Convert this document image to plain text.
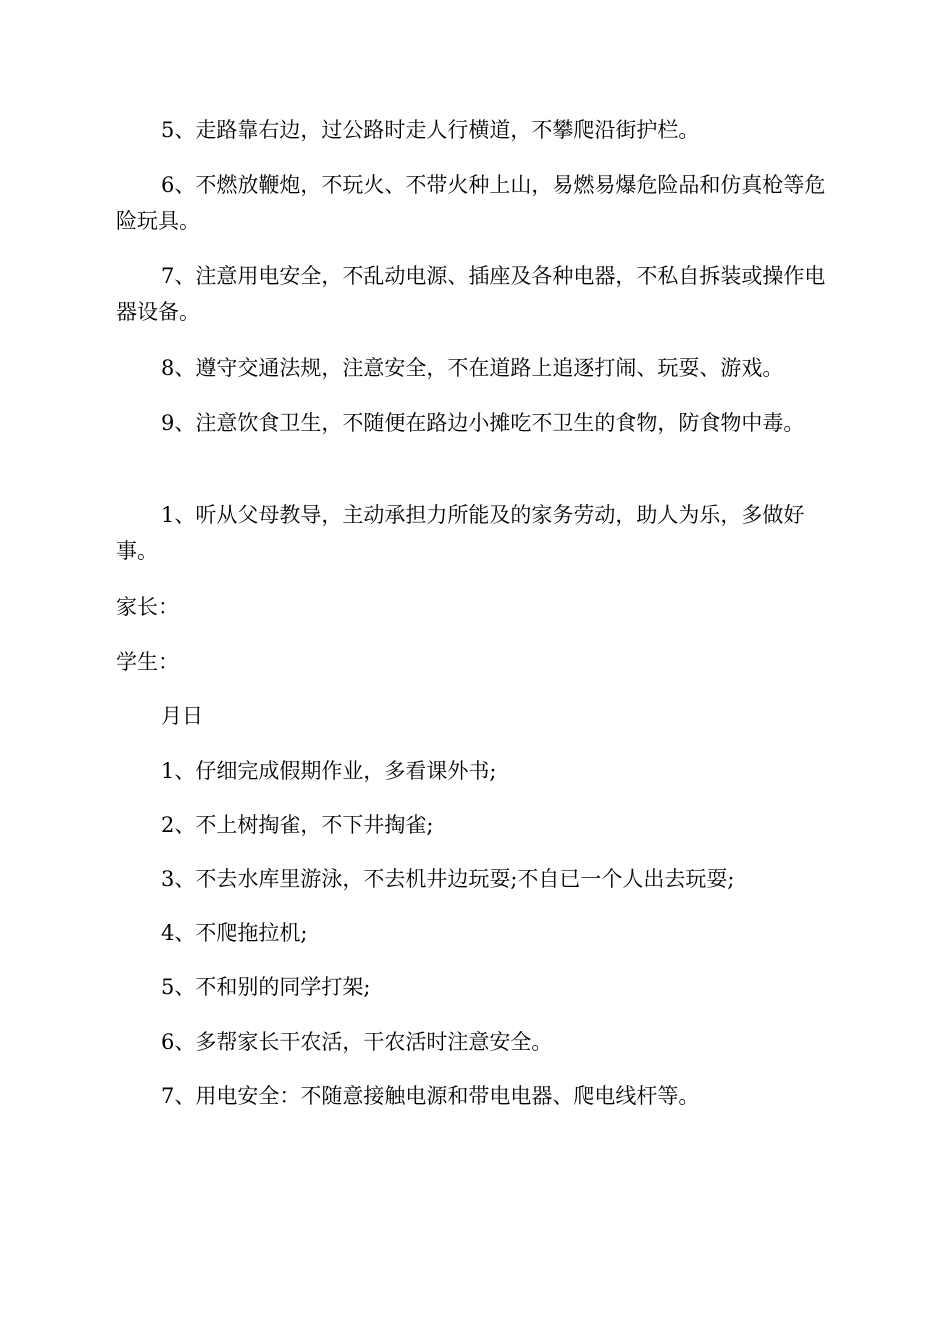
5、走路靠右边，过公路时走人行横道，不攀爬沿街护栏。

6、不燃放鞭炮，不玩火、不带火种上山，易燃易爆危险品和仿真枪等危险玩具。

7、注意用电安全，不乱动电源、插座及各种电器，不私自拆装或操作电器设备。

8、遵守交通法规，注意安全，不在道路上追逐打闹、玩耍、游戏。

9、注意饮食卫生，不随便在路边小摊吃不卫生的食物，防食物中毒。

1、听从父母教导，主动承担力所能及的家务劳动，助人为乐，多做好事。

家长：

学生：

月日

1、仔细完成假期作业，多看课外书;

2、不上树掏雀，不下井掏雀;

3、不去水库里游泳，不去机井边玩耍;不自已一个人出去玩耍;

4、不爬拖拉机;

5、不和别的同学打架;

6、多帮家长干农活，干农活时注意安全。

7、用电安全：不随意接触电源和带电电器、爬电线杆等。
